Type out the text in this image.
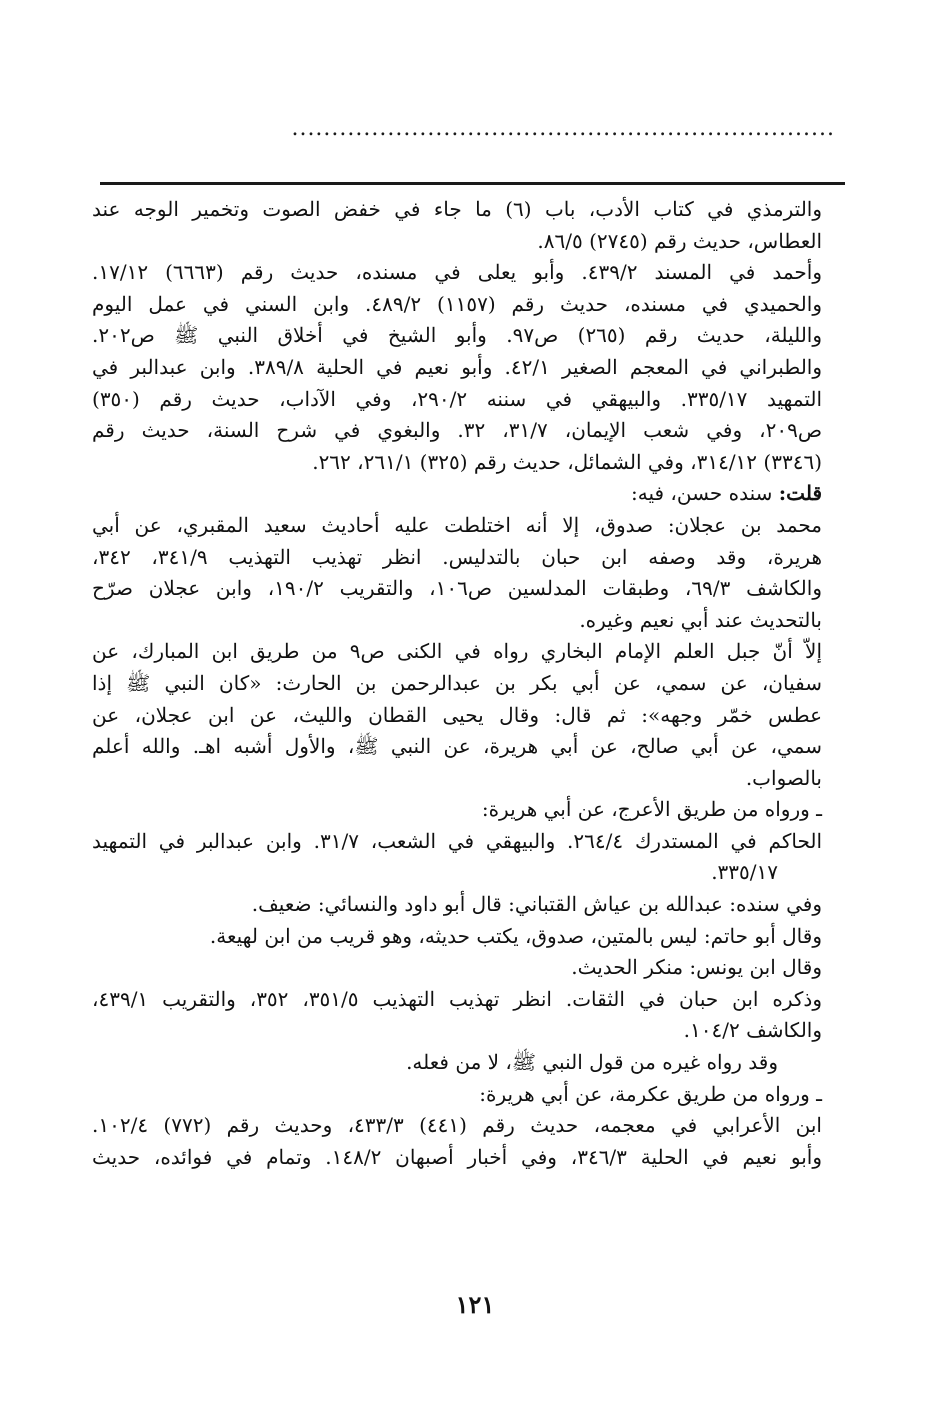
....................................................................
والترمذي في كتاب الأدب، باب (٦) ما جاء في خفض الصوت وتخمير الوجه عند
العطاس، حديث رقم (٢٧٤٥) ٨٦/٥.
وأحمد في المسند ٤٣٩/٢. وأبو يعلى في مسنده، حديث رقم (٦٦٦٣) ١٧/١٢.
والحميدي في مسنده، حديث رقم (١١٥٧) ٤٨٩/٢. وابن السني في عمل اليوم
والليلة، حديث رقم (٢٦٥) ص٩٧. وأبو الشيخ في أخلاق النبي ﷺ ص٢٠٢.
والطبراني في المعجم الصغير ٤٢/١. وأبو نعيم في الحلية ٣٨٩/٨. وابن عبدالبر في
التمهيد ٣٣٥/١٧. والبيهقي في سننه ٢٩٠/٢، وفي الآداب، حديث رقم (٣٥٠)
ص٢٠٩، وفي شعب الإيمان، ٣١/٧، ٣٢. والبغوي في شرح السنة، حديث رقم
(٣٣٤٦) ٣١٤/١٢، وفي الشمائل، حديث رقم (٣٢٥) ٢٦١/١، ٢٦٢.
قلت: سنده حسن، فيه:
محمد بن عجلان: صدوق، إلا أنه اختلطت عليه أحاديث سعيد المقبري، عن أبي
هريرة، وقد وصفه ابن حبان بالتدليس. انظر تهذيب التهذيب ٣٤١/٩، ٣٤٢،
والكاشف ٦٩/٣، وطبقات المدلسين ص١٠٦، والتقريب ١٩٠/٢، وابن عجلان صرّح
بالتحديث عند أبي نعيم وغيره.
إلاّ أنّ جبل العلم الإمام البخاري رواه في الكنى ص٩ من طريق ابن المبارك، عن
سفيان، عن سمي، عن أبي بكر بن عبدالرحمن بن الحارث: «كان النبي ﷺ إذا
عطس خمّر وجهه»: ثم قال: وقال يحيى القطان والليث، عن ابن عجلان، عن
سمي، عن أبي صالح، عن أبي هريرة، عن النبي ﷺ، والأول أشبه اهـ. والله أعلم
بالصواب.
ـ ورواه من طريق الأعرج، عن أبي هريرة:
الحاكم في المستدرك ٢٦٤/٤. والبيهقي في الشعب، ٣١/٧. وابن عبدالبر في التمهيد
٣٣٥/١٧.
وفي سنده: عبدالله بن عياش القتباني: قال أبو داود والنسائي: ضعيف.
وقال أبو حاتم: ليس بالمتين، صدوق، يكتب حديثه، وهو قريب من ابن لهيعة.
وقال ابن يونس: منكر الحديث.
وذكره ابن حبان في الثقات. انظر تهذيب التهذيب ٣٥١/٥، ٣٥٢، والتقريب ٤٣٩/١،
والكاشف ١٠٤/٢.
وقد رواه غيره من قول النبي ﷺ، لا من فعله.
ـ ورواه من طريق عكرمة، عن أبي هريرة:
ابن الأعرابي في معجمه، حديث رقم (٤٤١) ٤٣٣/٣، وحديث رقم (٧٧٢) ١٠٢/٤.
وأبو نعيم في الحلية ٣٤٦/٣، وفي أخبار أصبهان ١٤٨/٢. وتمام في فوائده، حديث
١٢١
